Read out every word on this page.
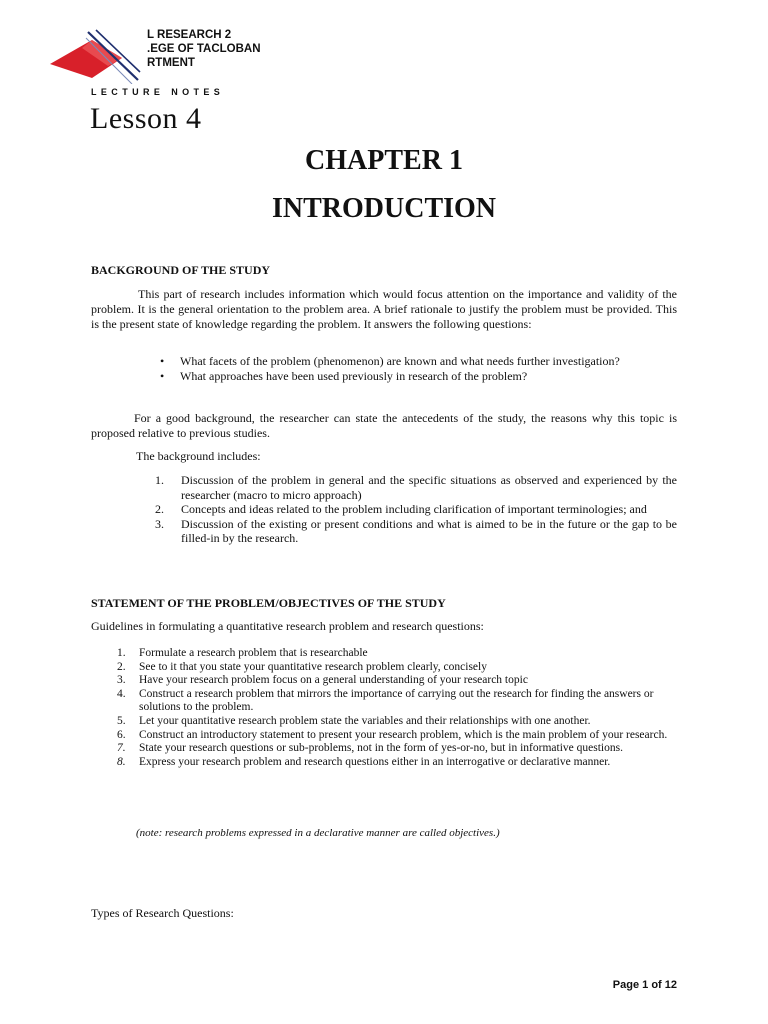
L RESEARCH 2
.EGE OF TACLOBAN
RTMENT
LECTURE NOTES
Lesson 4
CHAPTER 1
INTRODUCTION
BACKGROUND OF THE STUDY
This part of research includes information which would focus attention on the importance and validity of the problem. It is the general orientation to the problem area. A brief rationale to justify the problem must be provided. This is the present state of knowledge regarding the problem. It answers the following questions:
• What facets of the problem (phenomenon) are known and what needs further investigation?
• What approaches have been used previously in research of the problem?
For a good background, the researcher can state the antecedents of the study, the reasons why this topic is proposed relative to previous studies.
The background includes:
1. Discussion of the problem in general and the specific situations as observed and experienced by the researcher (macro to micro approach)
2. Concepts and ideas related to the problem including clarification of important terminologies; and
3. Discussion of the existing or present conditions and what is aimed to be in the future or the gap to be filled-in by the research.
STATEMENT OF THE PROBLEM/OBJECTIVES OF THE STUDY
Guidelines in formulating a quantitative research problem and research questions:
1. Formulate a research problem that is researchable
2. See to it that you state your quantitative research problem clearly, concisely
3. Have your research problem focus on a general understanding of your research topic
4. Construct a research problem that mirrors the importance of carrying out the research for finding the answers or solutions to the problem.
5. Let your quantitative research problem state the variables and their relationships with one another.
6. Construct an introductory statement to present your research problem, which is the main problem of your research.
7. State your research questions or sub-problems, not in the form of yes-or-no, but in informative questions.
8. Express your research problem and research questions either in an interrogative or declarative manner.
(note: research problems expressed in a declarative manner are called objectives.)
Types of Research Questions:
Page 1 of 12
